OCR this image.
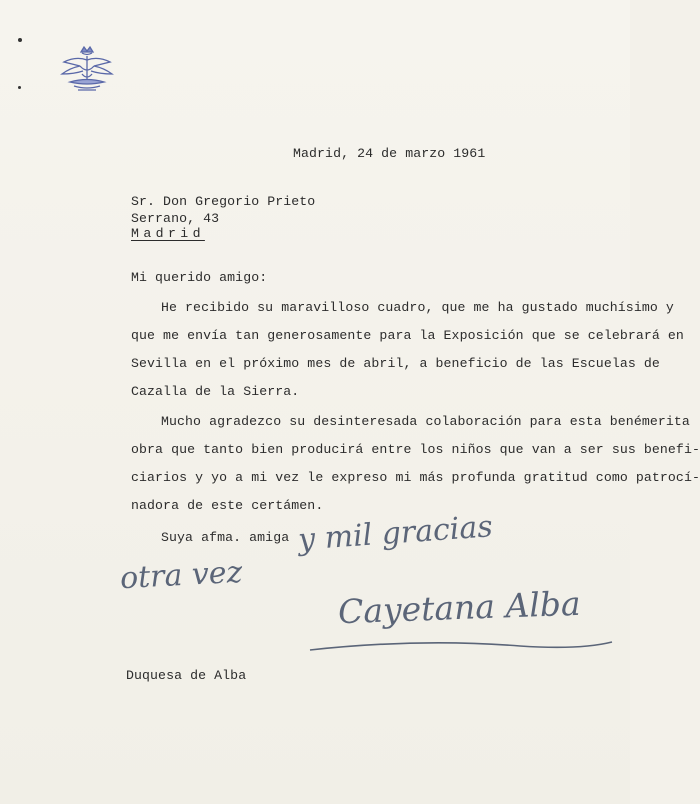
Madrid, 24 de marzo 1961
Sr. Don Gregorio Prieto
Serrano, 43
Madrid
Mi querido amigo:
He recibido su maravilloso cuadro, que me ha gustado muchísimo y
que me envía tan generosamente para la Exposición que se celebrará en
Sevilla en el próximo mes de abril, a beneficio de las Escuelas de
Cazalla de la Sierra.
Mucho agradezco su desinteresada colaboración para esta benémerita
obra que tanto bien producirá entre los niños que van a ser sus benefi-
ciarios y yo a mi vez le expreso mi más profunda gratitud como patrocí-
nadora de este certámen.
Suya afma. amiga y mil gracias
otra vez
Cayetana Alba
Duquesa de Alba
